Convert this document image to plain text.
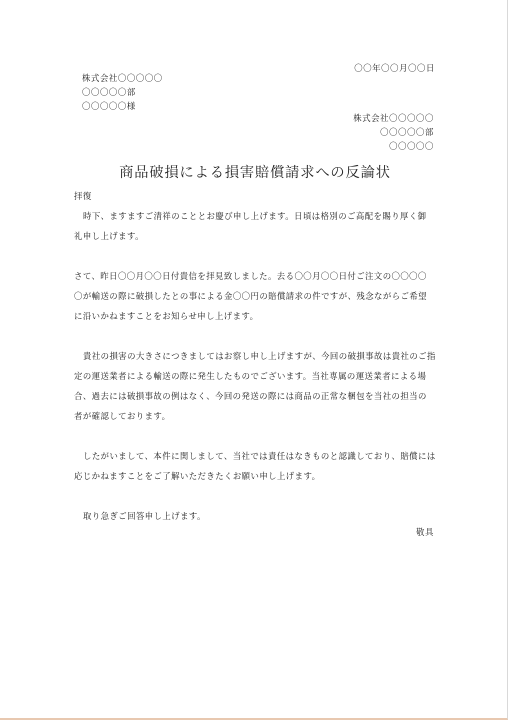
〇〇年〇〇月〇〇日
株式会社〇〇〇〇〇
〇〇〇〇〇部
〇〇〇〇〇様
株式会社〇〇〇〇〇
〇〇〇〇〇部
〇〇〇〇〇
商品破損による損害賠償請求への反論状
拝復
時下、ますますご清祥のこととお慶び申し上げます。日頃は格別のご高配を賜り厚く御
礼申し上げます。
さて、昨日〇〇月〇〇日付貴信を拝見致しました。去る〇〇月〇〇日付ご注文の〇〇〇〇
〇が輸送の際に破損したとの事による金〇〇円の賠償請求の件ですが、残念ながらご希望
に沿いかねますことをお知らせ申し上げます。
貴社の損害の大きさにつきましてはお察し申し上げますが、今回の破損事故は貴社のご指
定の運送業者による輸送の際に発生したものでございます。当社専属の運送業者による場
合、過去には破損事故の例はなく、今回の発送の際には商品の正常な梱包を当社の担当の
者が確認しております。
したがいまして、本件に関しまして、当社では責任はなきものと認識しており、賠償には
応じかねますことをご了解いただきたくお願い申し上げます。
取り急ぎご回答申し上げます。
敬具
